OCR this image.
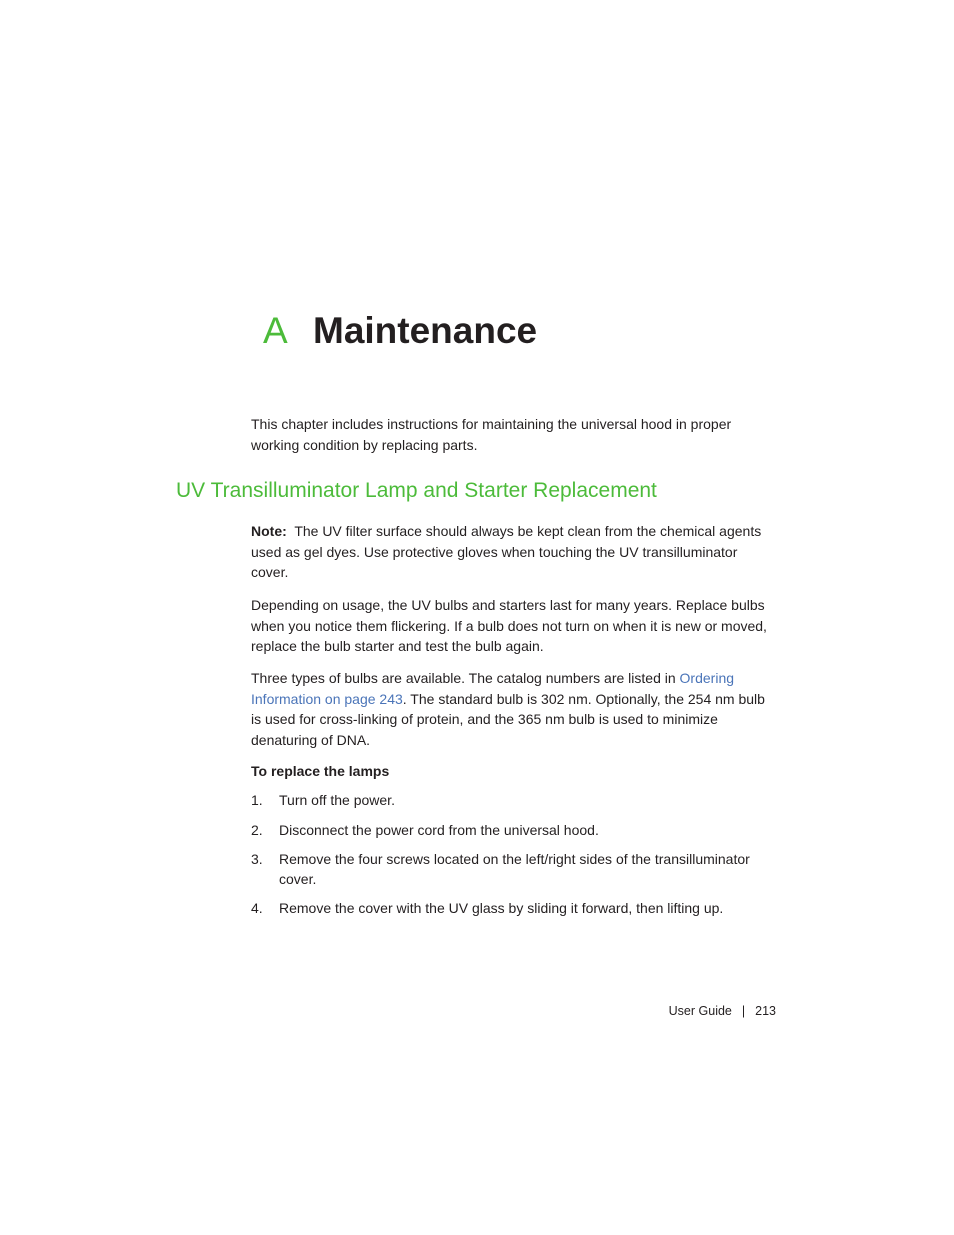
A Maintenance

This chapter includes instructions for maintaining the universal hood in proper working condition by replacing parts.

UV Transilluminator Lamp and Starter Replacement

Note: The UV filter surface should always be kept clean from the chemical agents used as gel dyes. Use protective gloves when touching the UV transilluminator cover.

Depending on usage, the UV bulbs and starters last for many years. Replace bulbs when you notice them flickering. If a bulb does not turn on when it is new or moved, replace the bulb starter and test the bulb again.

Three types of bulbs are available. The catalog numbers are listed in Ordering Information on page 243. The standard bulb is 302 nm. Optionally, the 254 nm bulb is used for cross-linking of protein, and the 365 nm bulb is used to minimize denaturing of DNA.

To replace the lamps
1.	Turn off the power.
2.	Disconnect the power cord from the universal hood.
3.	Remove the four screws located on the left/right sides of the transilluminator cover.
4.	Remove the cover with the UV glass by sliding it forward, then lifting up.
User Guide | 213
